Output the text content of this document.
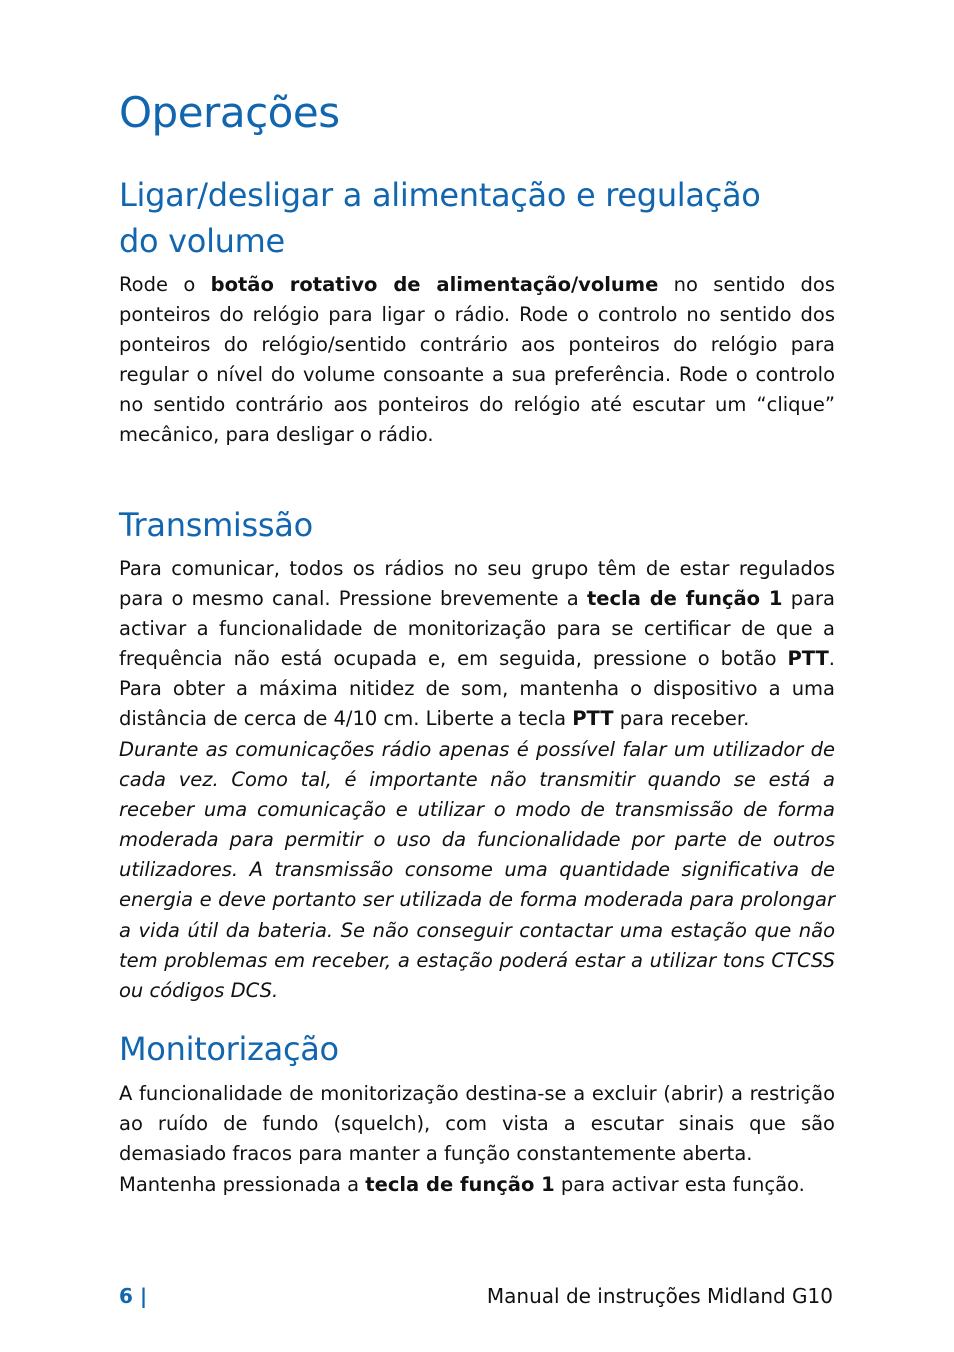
Operações
Ligar/desligar a alimentação e regulação
do volume

Rode o botão rotativo de alimentação/volume no sentido dos ponteiros do relógio para ligar o rádio. Rode o controlo no sentido dos ponteiros do relógio/sentido contrário aos ponteiros do relógio para regular o nível do volume consoante a sua preferência. Rode o controlo no sentido contrário aos ponteiros do relógio até escutar um “clique” mecânico, para desligar o rádio.

Transmissão

Para comunicar, todos os rádios no seu grupo têm de estar regulados para o mesmo canal. Pressione brevemente a tecla de função 1 para activar a funcionalidade de monitorização para se certificar de que a frequência não está ocupada e, em seguida, pressione o botão PTT. Para obter a máxima nitidez de som, mantenha o dispositivo a uma distância de cerca de 4/10 cm. Liberte a tecla PTT para receber.

Durante as comunicações rádio apenas é possível falar um utilizador de cada vez. Como tal, é importante não transmitir quando se está a receber uma comunicação e utilizar o modo de transmissão de forma moderada para permitir o uso da funcionalidade por parte de outros utilizadores. A transmissão consome uma quantidade significativa de energia e deve portanto ser utilizada de forma moderada para prolongar a vida útil da bateria. Se não conseguir contactar uma estação que não tem problemas em receber, a estação poderá estar a utilizar tons CTCSS ou códigos DCS.

Monitorização

A funcionalidade de monitorização destina-se a excluir (abrir) a restrição ao ruído de fundo (squelch), com vista a escutar sinais que são demasiado fracos para manter a função constantemente aberta.

Mantenha pressionada a tecla de função 1 para activar esta função.

6 |	Manual de instruções Midland G10
